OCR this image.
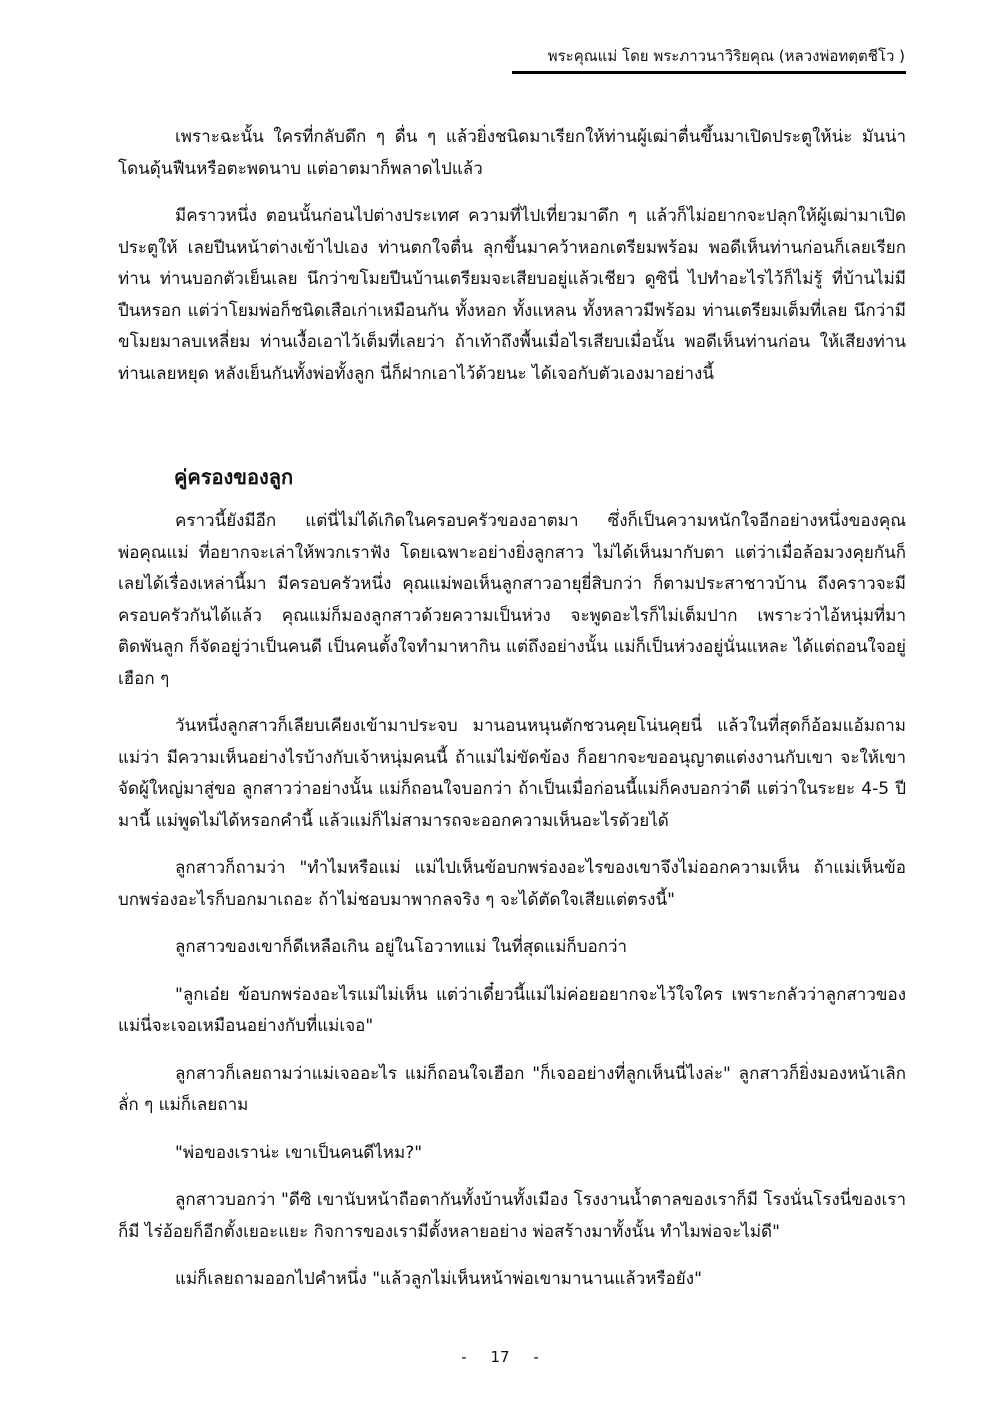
พระคุณแม่ โดย พระภาวนาวิริยคุณ (หลวงพ่อทตฺตชีโว )

เพราะฉะนั้น ใครที่กลับดึก ๆ ดื่น ๆ แล้วยิ่งชนิดมาเรียกให้ท่านผู้เฒ่าตื่นขึ้นมาเปิดประตูให้น่ะ มันน่าโดนดุ้นฟืนหรือตะพดนาบ แต่อาตมาก็พลาดไปแล้ว

มีคราวหนึ่ง ตอนนั้นก่อนไปต่างประเทศ ความที่ไปเที่ยวมาดึก ๆ แล้วก็ไม่อยากจะปลุกให้ผู้เฒ่ามาเปิดประตูให้ เลยปีนหน้าต่างเข้าไปเอง ท่านตกใจตื่น ลุกขึ้นมาคว้าหอกเตรียมพร้อม พอดีเห็นท่านก่อนก็เลยเรียกท่าน ท่านบอกตัวเย็นเลย นึกว่าขโมยปีนบ้านเตรียมจะเสียบอยู่แล้วเชียว ดูซินี่ ไปทำอะไรไว้ก็ไม่รู้ ที่บ้านไม่มีปืนหรอก แต่ว่าโยมพ่อก็ชนิดเสือเก่าเหมือนกัน ทั้งหอก ทั้งแหลน ทั้งหลาวมีพร้อม ท่านเตรียมเต็มที่เลย นึกว่ามีขโมยมาลบเหลี่ยม ท่านเงื้อเอาไว้เต็มที่เลยว่า ถ้าเท้าถึงพื้นเมื่อไรเสียบเมื่อนั้น พอดีเห็นท่านก่อน ให้เสียงท่าน ท่านเลยหยุด หลังเย็นกันทั้งพ่อทั้งลูก นี่ก็ฝากเอาไว้ด้วยนะ ได้เจอกับตัวเองมาอย่างนี้

คู่ครองของลูก

คราวนี้ยังมีอีก แต่นี่ไม่ได้เกิดในครอบครัวของอาตมา ซึ่งก็เป็นความหนักใจอีกอย่างหนึ่งของคุณพ่อคุณแม่ ที่อยากจะเล่าให้พวกเราฟัง โดยเฉพาะอย่างยิ่งลูกสาว ไม่ได้เห็นมากับตา แต่ว่าเมื่อล้อมวงคุยกันก็เลยได้เรื่องเหล่านี้มา มีครอบครัวหนึ่ง คุณแม่พอเห็นลูกสาวอายุยี่สิบกว่า ก็ตามประสาชาวบ้าน ถึงคราวจะมีครอบครัวกันได้แล้ว คุณแม่ก็มองลูกสาวด้วยความเป็นห่วง จะพูดอะไรก็ไม่เต็มปาก เพราะว่าไอ้หนุ่มที่มาติดพันลูก ก็จัดอยู่ว่าเป็นคนดี เป็นคนตั้งใจทำมาหากิน แต่ถึงอย่างนั้น แม่ก็เป็นห่วงอยู่นั่นแหละ ได้แต่ถอนใจอยู่เฮือก ๆ

วันหนึ่งลูกสาวก็เลียบเคียงเข้ามาประจบ มานอนหนุนตักชวนคุยโน่นคุยนี่ แล้วในที่สุดก็อ้อมแอ้มถามแม่ว่า มีความเห็นอย่างไรบ้างกับเจ้าหนุ่มคนนี้ ถ้าแม่ไม่ขัดข้อง ก็อยากจะขออนุญาตแต่งงานกับเขา จะให้เขาจัดผู้ใหญ่มาสู่ขอ ลูกสาวว่าอย่างนั้น แม่ก็ถอนใจบอกว่า ถ้าเป็นเมื่อก่อนนี้แม่ก็คงบอกว่าดี แต่ว่าในระยะ 4-5 ปีมานี้ แม่พูดไม่ได้หรอกคำนี้ แล้วแม่ก็ไม่สามารถจะออกความเห็นอะไรด้วยได้

ลูกสาวก็ถามว่า "ทำไมหรือแม่ แม่ไปเห็นข้อบกพร่องอะไรของเขาจึงไม่ออกความเห็น ถ้าแม่เห็นข้อบกพร่องอะไรก็บอกมาเถอะ ถ้าไม่ชอบมาพากลจริง ๆ จะได้ตัดใจเสียแต่ตรงนี้"

ลูกสาวของเขาก็ดีเหลือเกิน อยู่ในโอวาทแม่ ในที่สุดแม่ก็บอกว่า

"ลูกเอ๋ย ข้อบกพร่องอะไรแม่ไม่เห็น แต่ว่าเดี๋ยวนี้แม่ไม่ค่อยอยากจะไว้ใจใคร เพราะกลัวว่าลูกสาวของแม่นี่จะเจอเหมือนอย่างกับที่แม่เจอ"

ลูกสาวก็เลยถามว่าแม่เจออะไร แม่ก็ถอนใจเฮือก "ก็เจออย่างที่ลูกเห็นนี่ไงล่ะ" ลูกสาวก็ยิ่งมองหน้าเลิกลั่ก ๆ แม่ก็เลยถาม

"พ่อของเราน่ะ เขาเป็นคนดีไหม?"

ลูกสาวบอกว่า "ดีซิ เขานับหน้าถือตากันทั้งบ้านทั้งเมือง โรงงานน้ำตาลของเราก็มี โรงนั่นโรงนี่ของเราก็มี ไร่อ้อยก็อีกตั้งเยอะแยะ กิจการของเรามีตั้งหลายอย่าง พ่อสร้างมาทั้งนั้น ทำไมพ่อจะไม่ดี"

แม่ก็เลยถามออกไปคำหนึ่ง "แล้วลูกไม่เห็นหน้าพ่อเขามานานแล้วหรือยัง"

-     17     -
